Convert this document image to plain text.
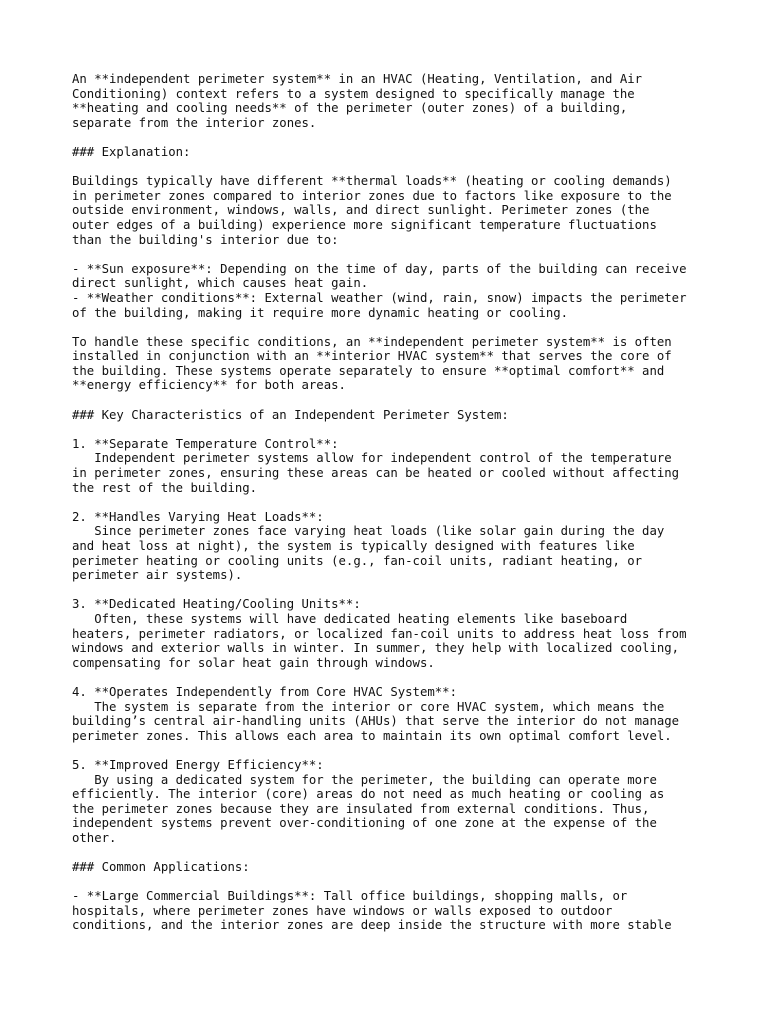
An **independent perimeter system** in an HVAC (Heating, Ventilation, and Air
Conditioning) context refers to a system designed to specifically manage the
**heating and cooling needs** of the perimeter (outer zones) of a building,
separate from the interior zones.
### Explanation:
Buildings typically have different **thermal loads** (heating or cooling demands)
in perimeter zones compared to interior zones due to factors like exposure to the
outside environment, windows, walls, and direct sunlight. Perimeter zones (the
outer edges of a building) experience more significant temperature fluctuations
than the building's interior due to:
- **Sun exposure**: Depending on the time of day, parts of the building can receive
direct sunlight, which causes heat gain.
- **Weather conditions**: External weather (wind, rain, snow) impacts the perimeter
of the building, making it require more dynamic heating or cooling.
To handle these specific conditions, an **independent perimeter system** is often
installed in conjunction with an **interior HVAC system** that serves the core of
the building. These systems operate separately to ensure **optimal comfort** and
**energy efficiency** for both areas.
### Key Characteristics of an Independent Perimeter System:
1. **Separate Temperature Control**:
Independent perimeter systems allow for independent control of the temperature
in perimeter zones, ensuring these areas can be heated or cooled without affecting
the rest of the building.
2. **Handles Varying Heat Loads**:
Since perimeter zones face varying heat loads (like solar gain during the day
and heat loss at night), the system is typically designed with features like
perimeter heating or cooling units (e.g., fan-coil units, radiant heating, or
perimeter air systems).
3. **Dedicated Heating/Cooling Units**:
Often, these systems will have dedicated heating elements like baseboard
heaters, perimeter radiators, or localized fan-coil units to address heat loss from
windows and exterior walls in winter. In summer, they help with localized cooling,
compensating for solar heat gain through windows.
4. **Operates Independently from Core HVAC System**:
The system is separate from the interior or core HVAC system, which means the
building’s central air-handling units (AHUs) that serve the interior do not manage
perimeter zones. This allows each area to maintain its own optimal comfort level.
5. **Improved Energy Efficiency**:
By using a dedicated system for the perimeter, the building can operate more
efficiently. The interior (core) areas do not need as much heating or cooling as
the perimeter zones because they are insulated from external conditions. Thus,
independent systems prevent over-conditioning of one zone at the expense of the
other.
### Common Applications:
- **Large Commercial Buildings**: Tall office buildings, shopping malls, or
hospitals, where perimeter zones have windows or walls exposed to outdoor
conditions, and the interior zones are deep inside the structure with more stable
